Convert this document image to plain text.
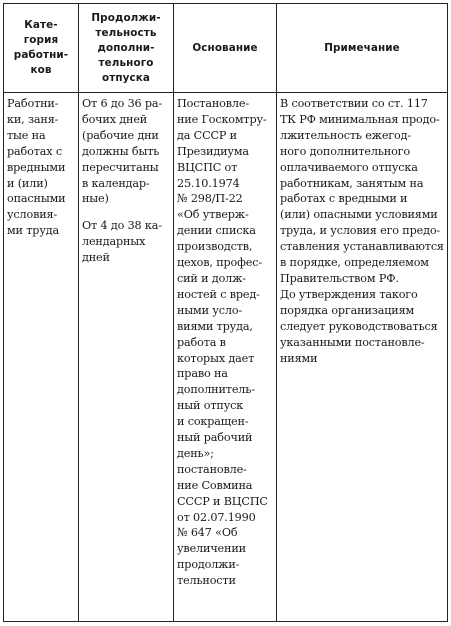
Кате-
гория
работни-
ков
Продолжи-
тельность
дополни-
тельного
отпуска
Основание	Примечание
Работни-
ки, заня-
тые на
работах с
вредными
и (или)
опасными
условия-
ми труда
От 6 до 36 ра-
бочих дней
(рабочие дни
должны быть
пересчитаны
в календар-
ные)
От 4 до 38 ка-
лендарных
дней
Постановле-
ние Госкомтру-
да СССР и
Президиума
ВЦСПС от
25.10.1974
№ 298/П-22
«Об утверж-
дении списка
производств,
цехов, профес-
сий и долж-
ностей с вред-
ными усло-
виями труда,
работа в
которых дает
право на
дополнитель-
ный отпуск
и сокращен-
ный рабочий
день»;
постановле-
ние Совмина
СССР и ВЦСПС
от 02.07.1990
№ 647 «Об
увеличении
продолжи-
тельности
В соответствии со ст. 117
ТК РФ минимальная продо-
лжительность ежегод-
ного дополнительного
оплачиваемого отпуска
работникам, занятым на
работах с вредными и
(или) опасными условиями
труда, и условия его предо-
ставления устанавливаются
в порядке, определяемом
Правительством РФ.
До утверждения такого
порядка организациям
следует руководствоваться
указанными постановле-
ниями
